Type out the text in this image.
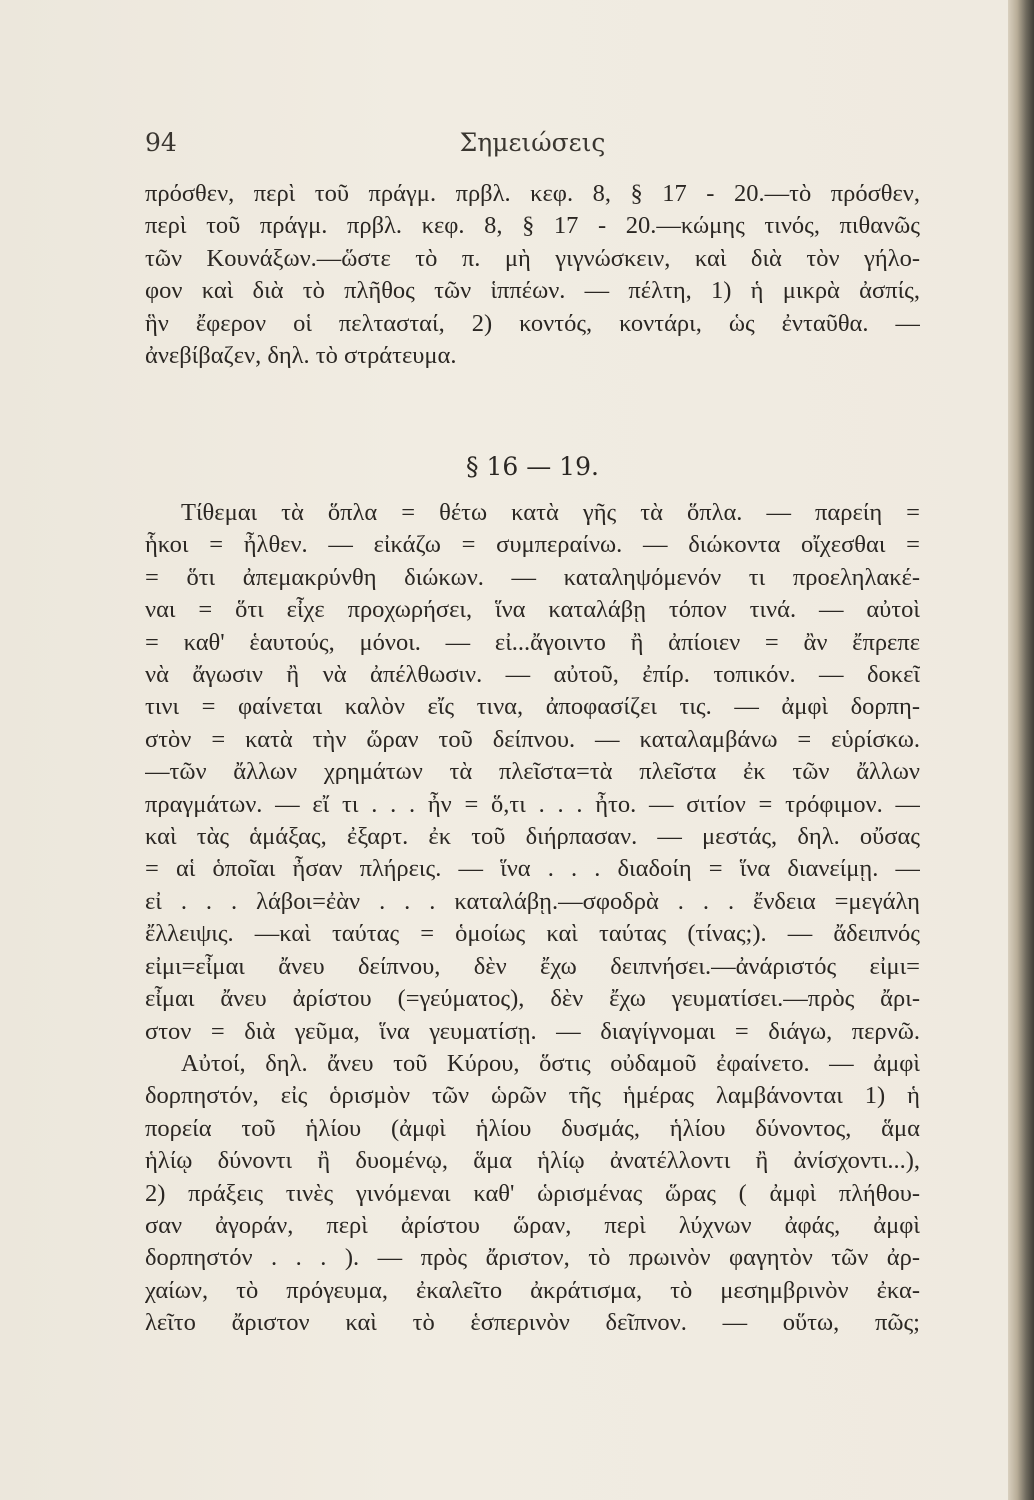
94	Σημειώσεις
πρόσθεν, περὶ τοῦ πράγμ. πρβλ. κεφ. 8, § 17 - 20.—τὸ πρόσθεν,
περὶ τοῦ πράγμ. πρβλ. κεφ. 8, § 17 - 20.—κώμης τινός, πιθανῶς
τῶν Κουνάξων.—ὥστε τὸ π. μὴ γιγνώσκειν, καὶ διὰ τὸν γήλο-
φον καὶ διὰ τὸ πλῆθος τῶν ἱππέων. — πέλτη, 1) ἡ μικρὰ ἀσπίς,
ἣν ἔφερον οἱ πελτασταί, 2) κοντός, κοντάρι, ὡς ἐνταῦθα. —
ἀνεβίβαζεν, δηλ. τὸ στράτευμα.
§ 16 — 19.
Τίθεμαι τὰ ὅπλα = θέτω κατὰ γῆς τὰ ὅπλα. — παρείη =
ἧκοι = ἦλθεν. — εἰκάζω = συμπεραίνω. — διώκοντα οἴχεσθαι =
= ὅτι ἀπεμακρύνθη διώκων. — καταληψόμενόν τι προεληλακέ-
ναι = ὅτι εἶχε προχωρήσει, ἵνα καταλάβῃ τόπον τινά. — αὐτοὶ
= καθ' ἑαυτούς, μόνοι. — εἰ...ἄγοιντο ἢ ἀπίοιεν = ἂν ἔπρεπε
νὰ ἄγωσιν ἢ νὰ ἀπέλθωσιν. — αὐτοῦ, ἐπίρ. τοπικόν. — δοκεῖ
τινι = φαίνεται καλὸν εἴς τινα, ἀποφασίζει τις. — ἀμφὶ δορπη-
στὸν = κατὰ τὴν ὥραν τοῦ δείπνου. — καταλαμβάνω = εὑρίσκω.
—τῶν ἄλλων χρημάτων τὰ πλεῖστα=τὰ πλεῖστα ἐκ τῶν ἄλλων
πραγμάτων. — εἴ τι . . . ἦν = ὅ,τι . . . ἦτο. — σιτίον = τρόφιμον. —
καὶ τὰς ἁμάξας, ἐξαρτ. ἐκ τοῦ διήρπασαν. — μεστάς, δηλ. οὔσας
= αἱ ὁποῖαι ἦσαν πλήρεις. — ἵνα . . . διαδοίη = ἵνα διανείμῃ. —
εἰ . . . λάβοι=ἐὰν . . . καταλάβῃ.—σφοδρὰ . . . ἔνδεια =μεγάλη
ἔλλειψις. —καὶ ταύτας = ὁμοίως καὶ ταύτας (τίνας;). — ἄδειπνός
εἰμι=εἶμαι ἄνευ δείπνου, δὲν ἔχω δειπνήσει.—ἀνάριστός εἰμι=
εἶμαι ἄνευ ἀρίστου (=γεύματος), δὲν ἔχω γευματίσει.—πρὸς ἄρι-
στον = διὰ γεῦμα, ἵνα γευματίσῃ. — διαγίγνομαι = διάγω, περνῶ.
Αὐτοί, δηλ. ἄνευ τοῦ Κύρου, ὅστις οὐδαμοῦ ἐφαίνετο. — ἀμφὶ
δορπηστόν, εἰς ὁρισμὸν τῶν ὡρῶν τῆς ἡμέρας λαμβάνονται 1) ἡ
πορεία τοῦ ἡλίου (ἀμφὶ ἡλίου δυσμάς, ἡλίου δύνοντος, ἅμα
ἡλίῳ δύνοντι ἢ δυομένῳ, ἅμα ἡλίῳ ἀνατέλλοντι ἢ ἀνίσχοντι...),
2) πράξεις τινὲς γινόμεναι καθ' ὡρισμένας ὥρας ( ἀμφὶ πλήθου-
σαν ἀγοράν, περὶ ἀρίστου ὥραν, περὶ λύχνων ἀφάς, ἀμφὶ
δορπηστόν . . . ). — πρὸς ἄριστον, τὸ πρωινὸν φαγητὸν τῶν ἀρ-
χαίων, τὸ πρόγευμα, ἐκαλεῖτο ἀκράτισμα, τὸ μεσημβρινὸν ἐκα-
λεῖτο ἄριστον καὶ τὸ ἑσπερινὸν δεῖπνον. — οὕτω, πῶς;
